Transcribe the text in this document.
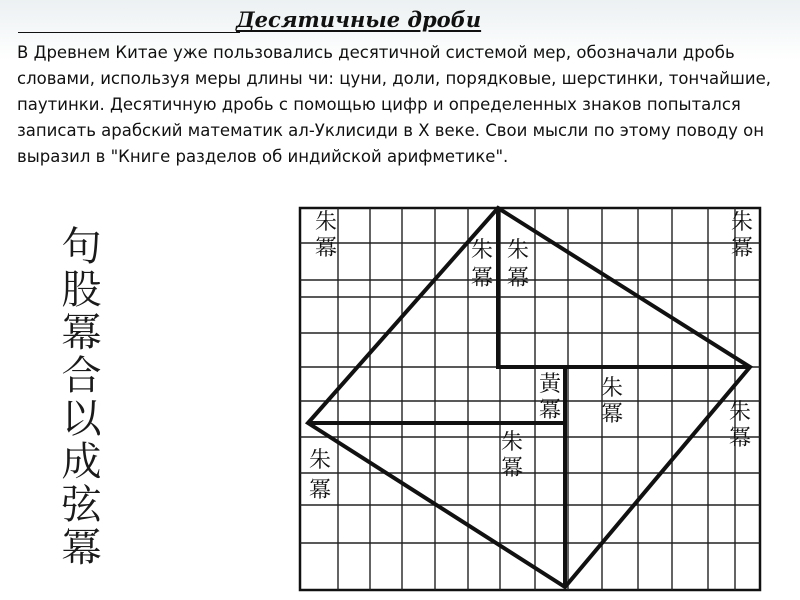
Десятичные дроби

В Древнем Китае уже пользовались десятичной системой мер, обозначали дробь словами, используя меры длины чи: цуни, доли, порядковые, шерстинки, тончайшие, паутинки. Десятичную дробь с помощью цифр и определенных знаков попытался записать арабский математик ал-Уклисиди в X веке. Свои мысли по этому поводу он выразил в "Книге разделов об индийской арифметике".

句股冪合以成弦冪
朱冪	朱冪
朱冪
朱冪
黃冪
朱冪	朱冪
朱冪
朱冪
